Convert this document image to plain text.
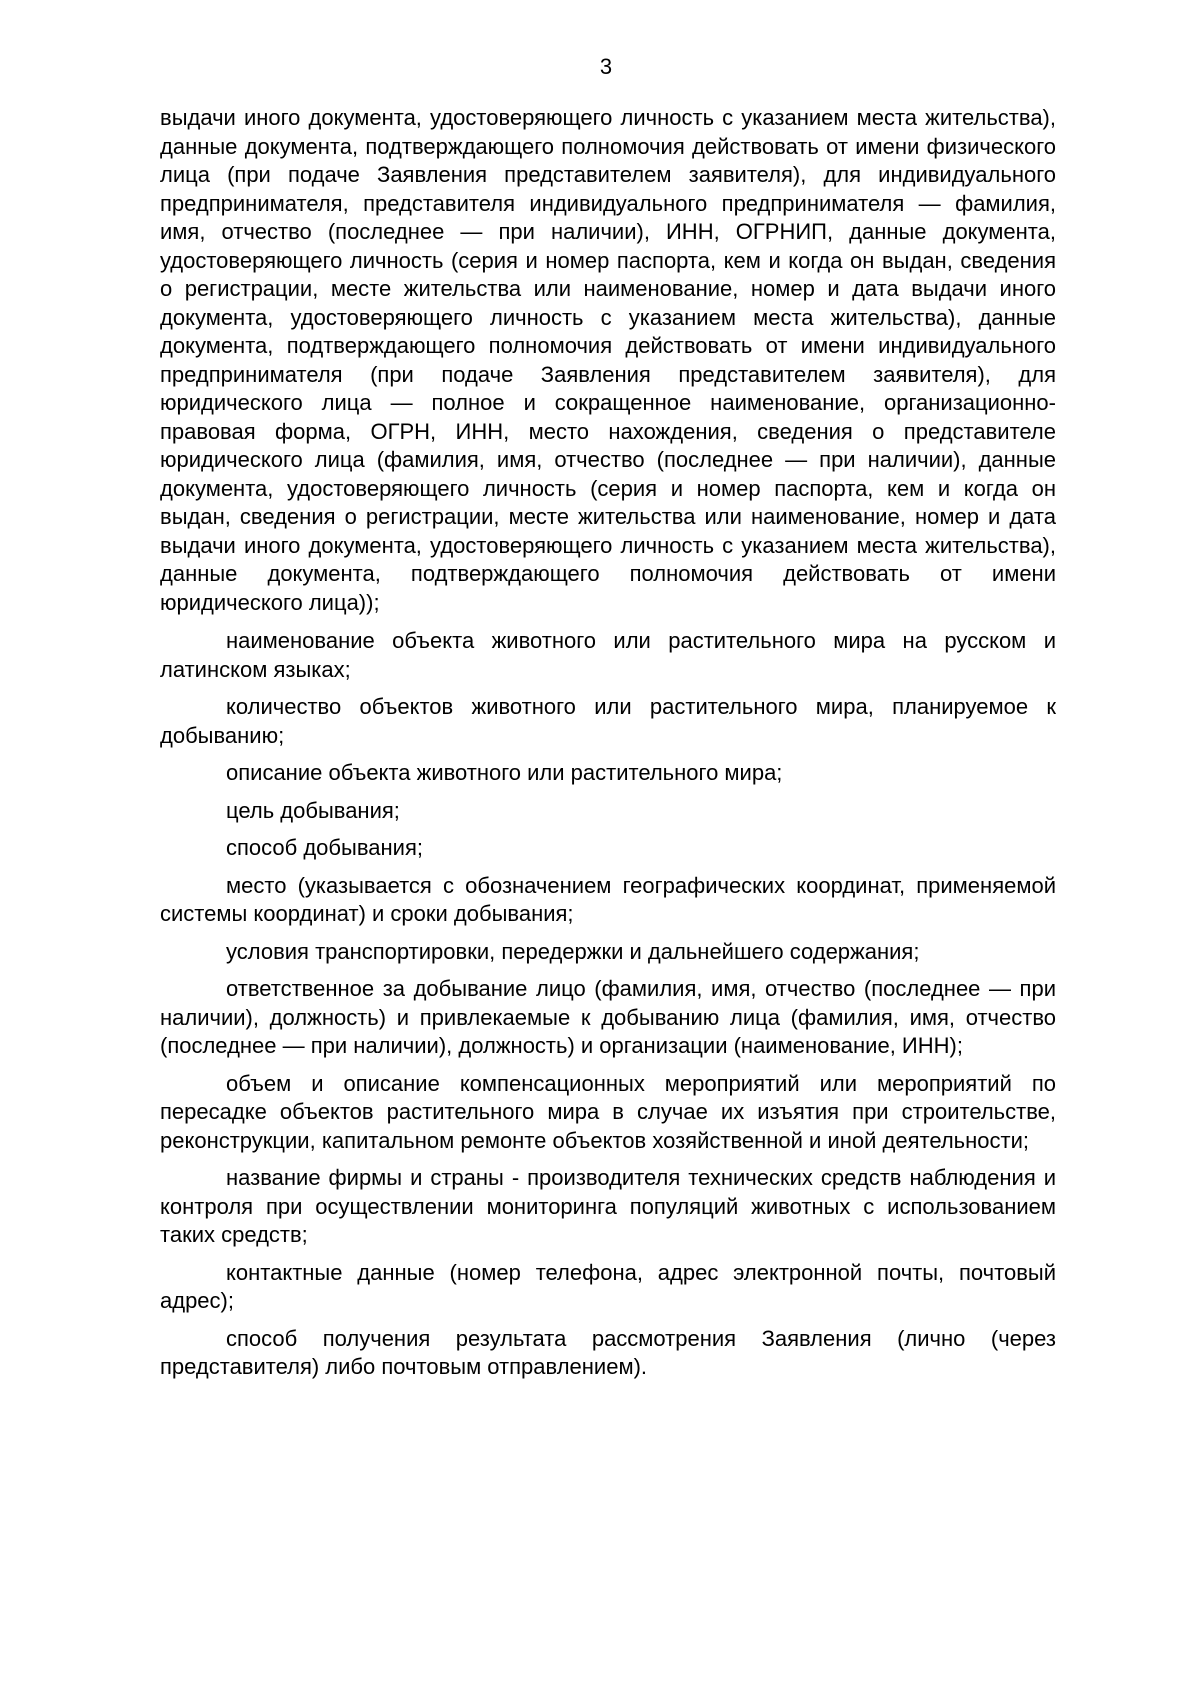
3

выдачи иного документа, удостоверяющего личность с указанием места жительства), данные документа, подтверждающего полномочия действовать от имени физического лица (при подаче Заявления представителем заявителя), для индивидуального предпринимателя, представителя индивидуального предпринимателя — фамилия, имя, отчество (последнее — при наличии), ИНН, ОГРНИП, данные документа, удостоверяющего личность (серия и номер паспорта, кем и когда он выдан, сведения о регистрации, месте жительства или наименование, номер и дата выдачи иного документа, удостоверяющего личность с указанием места жительства), данные документа, подтверждающего полномочия действовать от имени индивидуального предпринимателя (при подаче Заявления представителем заявителя), для юридического лица — полное и сокращенное наименование, организационно-правовая форма, ОГРН, ИНН, место нахождения, сведения о представителе юридического лица (фамилия, имя, отчество (последнее — при наличии), данные документа, удостоверяющего личность (серия и номер паспорта, кем и когда он выдан, сведения о регистрации, месте жительства или наименование, номер и дата выдачи иного документа, удостоверяющего личность с указанием места жительства), данные документа, подтверждающего полномочия действовать от имени юридического лица));

наименование объекта животного или растительного мира на русском и латинском языках;

количество объектов животного или растительного мира, планируемое к добыванию;

описание объекта животного или растительного мира;

цель добывания;

способ добывания;

место (указывается с обозначением географических координат, применяемой системы координат) и сроки добывания;

условия транспортировки, передержки и дальнейшего содержания;

ответственное за добывание лицо (фамилия, имя, отчество (последнее — при наличии), должность) и привлекаемые к добыванию лица (фамилия, имя, отчество (последнее — при наличии), должность) и организации (наименование, ИНН);

объем и описание компенсационных мероприятий или мероприятий по пересадке объектов растительного мира в случае их изъятия при строительстве, реконструкции, капитальном ремонте объектов хозяйственной и иной деятельности;

название фирмы и страны - производителя технических средств наблюдения и контроля при осуществлении мониторинга популяций животных с использованием таких средств;

контактные данные (номер телефона, адрес электронной почты, почтовый адрес);

способ получения результата рассмотрения Заявления (лично (через представителя) либо почтовым отправлением).
